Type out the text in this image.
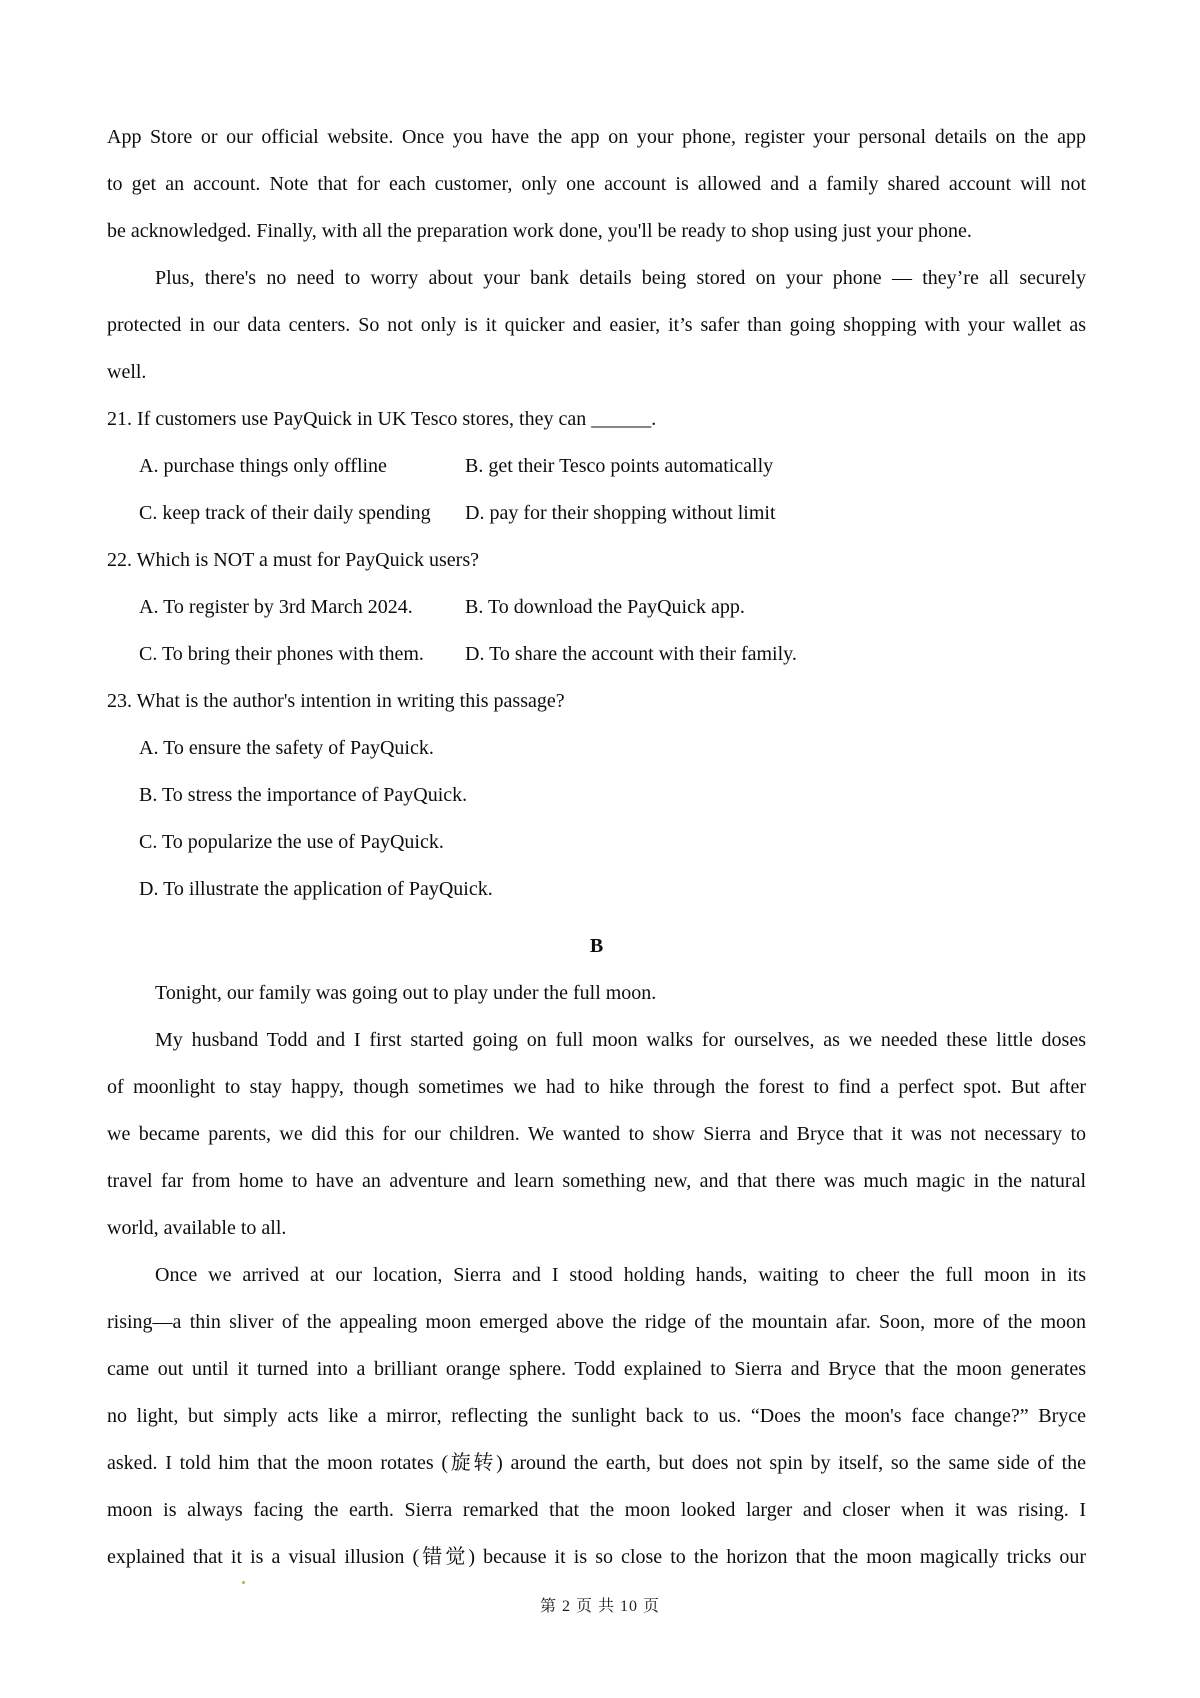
App Store or our official website. Once you have the app on your phone, register your personal details on the app

to get an account. Note that for each customer, only one account is allowed and a family shared account will not

be acknowledged. Finally, with all the preparation work done, you'll be ready to shop using just your phone.

Plus, there's no need to worry about your bank details being stored on your phone — they’re all securely

protected in our data centers. So not only is it quicker and easier, it’s safer than going shopping with your wallet as

well.

21. If customers use PayQuick in UK Tesco stores, they can ______.

A. purchase things only offline	B. get their Tesco points automatically

C. keep track of their daily spending	D. pay for their shopping without limit

22. Which is NOT a must for PayQuick users?

A. To register by 3rd March 2024.	B. To download the PayQuick app.

C. To bring their phones with them.	D. To share the account with their family.

23. What is the author's intention in writing this passage?

A. To ensure the safety of PayQuick.

B. To stress the importance of PayQuick.

C. To popularize the use of PayQuick.

D. To illustrate the application of PayQuick.

B

Tonight, our family was going out to play under the full moon.

My husband Todd and I first started going on full moon walks for ourselves, as we needed these little doses

of moonlight to stay happy, though sometimes we had to hike through the forest to find a perfect spot. But after

we became parents, we did this for our children. We wanted to show Sierra and Bryce that it was not necessary to

travel far from home to have an adventure and learn something new, and that there was much magic in the natural

world, available to all.

Once we arrived at our location, Sierra and I stood holding hands, waiting to cheer the full moon in its

rising—a thin sliver of the appealing moon emerged above the ridge of the mountain afar. Soon, more of the moon

came out until it turned into a brilliant orange sphere. Todd explained to Sierra and Bryce that the moon generates

no light, but simply acts like a mirror, reflecting the sunlight back to us. “Does the moon's face change?” Bryce

asked. I told him that the moon rotates (旋转) around the earth, but does not spin by itself, so the same side of the

moon is always facing the earth. Sierra remarked that the moon looked larger and closer when it was rising. I

explained that it is a visual illusion (错觉) because it is so close to the horizon that the moon magically tricks our

第 2 页 共 10 页
